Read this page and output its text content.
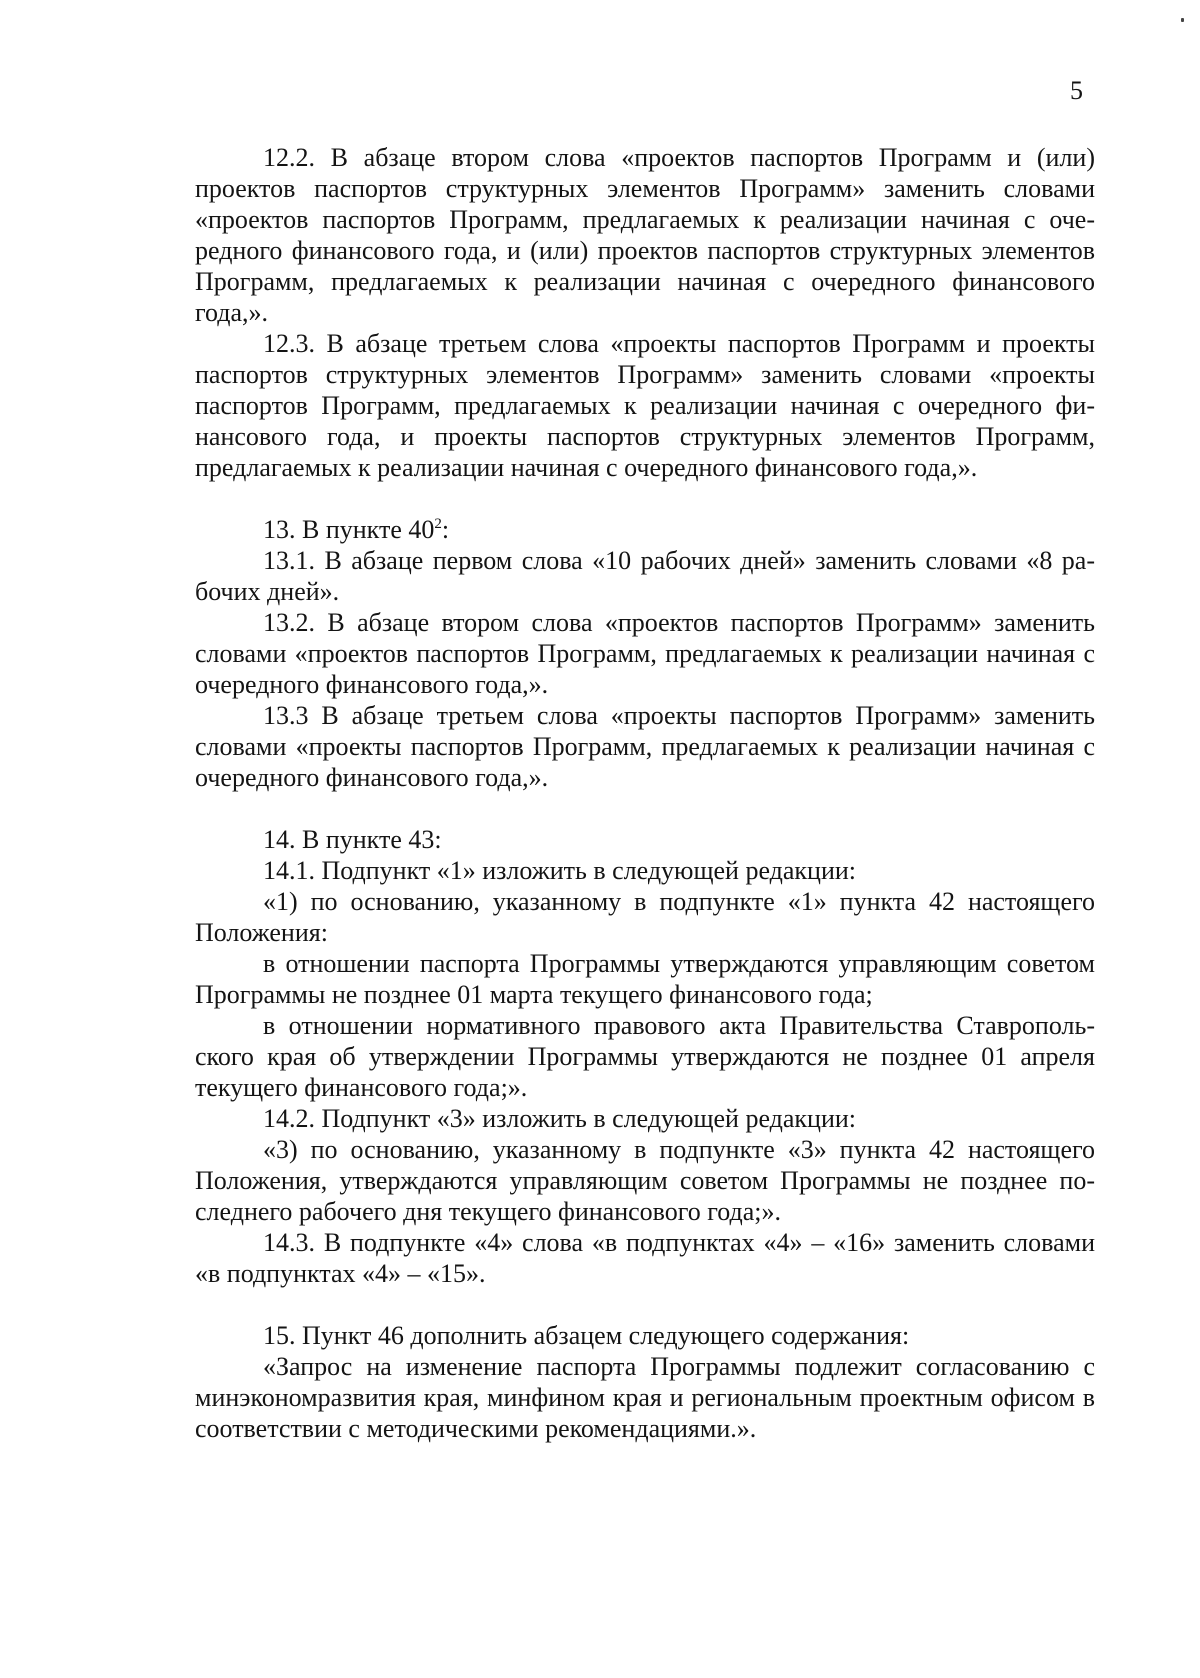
5

12.2. В абзаце втором слова «проектов паспортов Программ и (или) проектов паспортов структурных элементов Программ» заменить словами «проектов паспортов Программ, предлагаемых к реализации начиная с очередного финансового года, и (или) проектов паспортов структурных элементов Программ, предлагаемых к реализации начиная с очередного финансового года,».

12.3. В абзаце третьем слова «проекты паспортов Программ и проекты паспортов структурных элементов Программ» заменить словами «проекты паспортов Программ, предлагаемых к реализации начиная с очередного финансового года, и проекты паспортов структурных элементов Программ, предлагаемых к реализации начиная с очередного финансового года,».

13. В пункте $40^2$:

13.1. В абзаце первом слова «10 рабочих дней» заменить словами «8 рабочих дней».

13.2. В абзаце втором слова «проектов паспортов Программ» заменить словами «проектов паспортов Программ, предлагаемых к реализации начиная с очередного финансового года,».

13.3 В абзаце третьем слова «проекты паспортов Программ» заменить словами «проекты паспортов Программ, предлагаемых к реализации начиная с очередного финансового года,».

14. В пункте 43:

14.1. Подпункт «1» изложить в следующей редакции:

«1) по основанию, указанному в подпункте «1» пункта 42 настоящего Положения:

в отношении паспорта Программы утверждаются управляющим советом Программы не позднее 01 марта текущего финансового года;

в отношении нормативного правового акта Правительства Ставропольского края об утверждении Программы утверждаются не позднее 01 апреля текущего финансового года;».

14.2. Подпункт «3» изложить в следующей редакции:

«3) по основанию, указанному в подпункте «3» пункта 42 настоящего Положения, утверждаются управляющим советом Программы не позднее последнего рабочего дня текущего финансового года;».

14.3. В подпункте «4» слова «в подпунктах «4» – «16» заменить словами «в подпунктах «4» – «15».

15. Пункт 46 дополнить абзацем следующего содержания:

«Запрос на изменение паспорта Программы подлежит согласованию с минэкономразвития края, минфином края и региональным проектным офисом в соответствии с методическими рекомендациями.».
